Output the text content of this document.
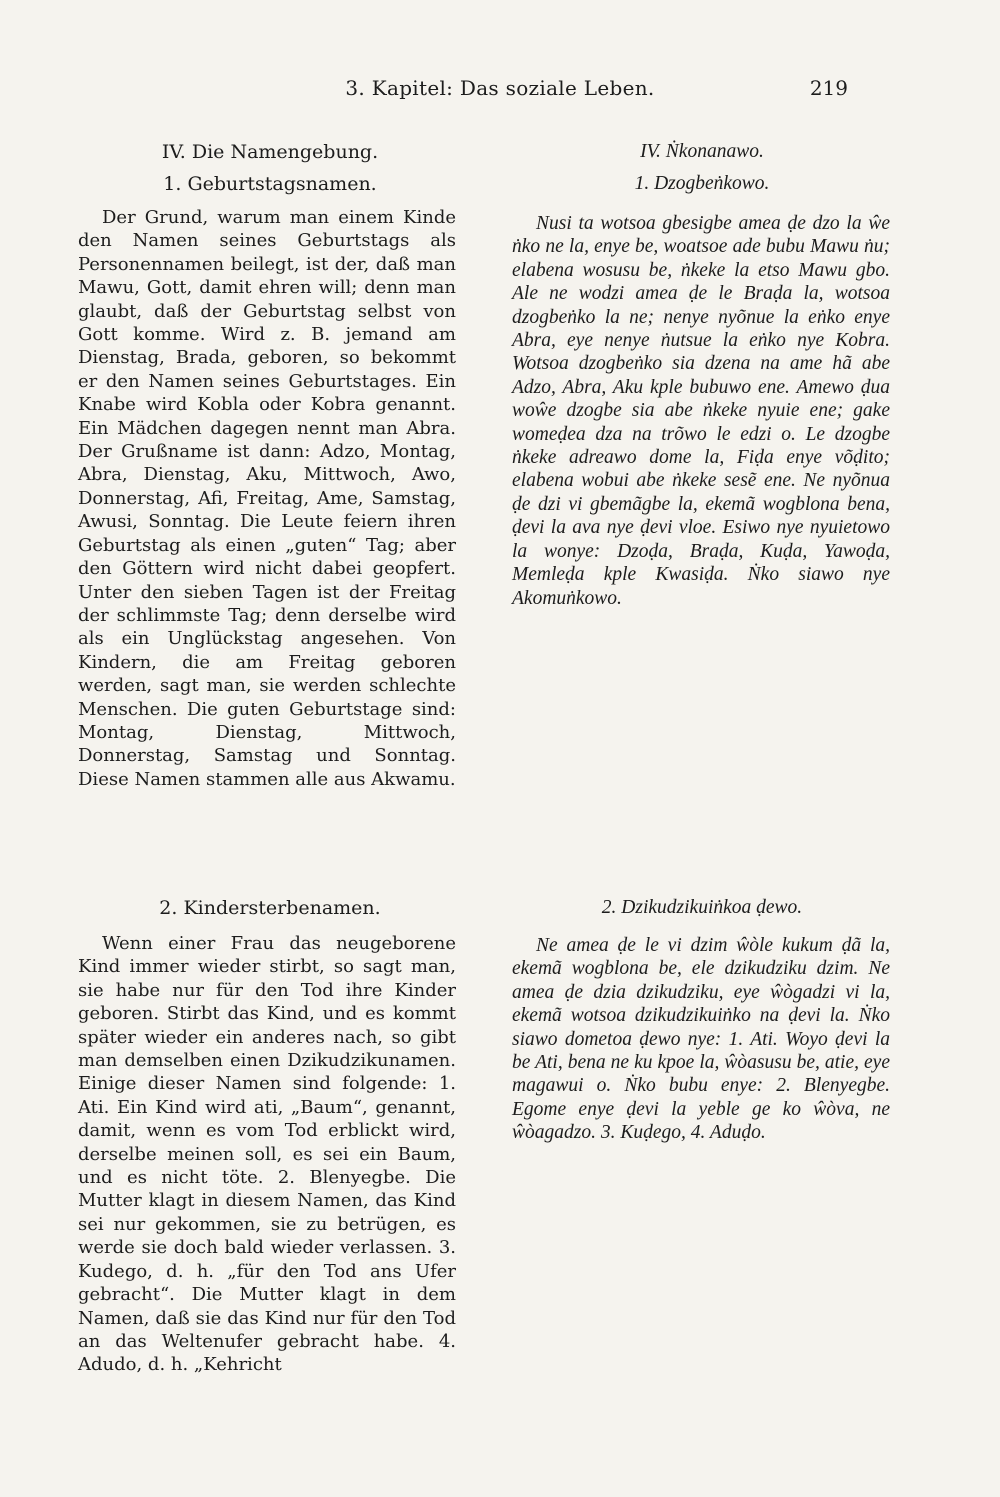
3. Kapitel: Das soziale Leben.	219
IV. Die Namengebung.
1. Geburtstagsnamen.

Der Grund, warum man einem Kinde den Namen seines Geburtstags als Personennamen beilegt, ist der, daß man Mawu, Gott, damit ehren will; denn man glaubt, daß der Geburtstag selbst von Gott komme. Wird z. B. jemand am Dienstag, Brada, geboren, so bekommt er den Namen seines Geburtstages. Ein Knabe wird Kobla oder Kobra genannt. Ein Mädchen dagegen nennt man Abra. Der Grußname ist dann: Adzo, Montag, Abra, Dienstag, Aku, Mittwoch, Awo, Donnerstag, Afi, Freitag, Ame, Samstag, Awusi, Sonntag. Die Leute feiern ihren Geburtstag als einen „guten“ Tag; aber den Göttern wird nicht dabei geopfert. Unter den sieben Tagen ist der Freitag der schlimmste Tag; denn derselbe wird als ein Unglückstag angesehen. Von Kindern, die am Freitag geboren werden, sagt man, sie werden schlechte Menschen. Die guten Geburtstage sind: Montag, Dienstag, Mittwoch, Donnerstag, Samstag und Sonntag. Diese Namen stammen alle aus Akwamu.

2. Kindersterbenamen.

Wenn einer Frau das neugeborene Kind immer wieder stirbt, so sagt man, sie habe nur für den Tod ihre Kinder geboren. Stirbt das Kind, und es kommt später wieder ein anderes nach, so gibt man demselben einen Dzikudzikunamen. Einige dieser Namen sind folgende: 1. Ati. Ein Kind wird ati, „Baum“, genannt, damit, wenn es vom Tod erblickt wird, derselbe meinen soll, es sei ein Baum, und es nicht töte. 2. Blenyegbe. Die Mutter klagt in diesem Namen, das Kind sei nur gekommen, sie zu betrügen, es werde sie doch bald wieder verlassen. 3. Kudego, d. h. „für den Tod ans Ufer gebracht“. Die Mutter klagt in dem Namen, daß sie das Kind nur für den Tod an das Weltenufer gebracht habe. 4. Adudo, d. h. „Kehricht

IV. Ṅkonanawo.
1. Dzogbeṅkowo.

Nusi ta wotsoa gbesigbe amea ḍe dzo la ŵe ṅko ne la, enye be, woatsoe ade bubu Mawu ṅu; elabena wosusu be, ṅkeke la etso Mawu gbo. Ale ne wodzi amea ḍe le Braḍa la, wotsoa dzogbeṅko la ne; nenye nyõnue la eṅko enye Abra, eye nenye ṅutsue la eṅko nye Kobra. Wotsoa dzogbeṅko sia dzena na ame hã abe Adzo, Abra, Aku kple bubuwo ene. Amewo ḍua woŵe dzogbe sia abe ṅkeke nyuie ene; gake womeḍea dza na trõwo le edzi o. Le dzogbe ṅkeke adreawo dome la, Fiḍa enye võḍito; elabena wobui abe ṅkeke sesẽ ene. Ne nyõnua ḍe dzi vi gbemãgbe la, ekemã wogblona bena, ḍevi la ava nye ḍevi vloe. Esiwo nye nyuietowo la wonye: Dzoḍa, Braḍa, Kuḍa, Yawoḍa, Memleḍa kple Kwasiḍa. Ṅko siawo nye Akomuṅkowo.

2. Dzikudzikuiṅkoa ḍewo.

Ne amea ḍe le vi dzim ŵòle kukum ḍã la, ekemã wogblona be, ele dzikudziku dzim. Ne amea ḍe dzia dzikudziku, eye ŵògadzi vi la, ekemã wotsoa dzikudzikuiṅko na ḍevi la. Ṅko siawo dometoa ḍewo nye: 1. Ati. Woyo ḍevi la be Ati, bena ne ku kpoe la, ŵòasusu be, atie, eye magawui o. Ṅko bubu enye: 2. Blenyegbe. Egome enye ḍevi la yeble ge ko ŵòva, ne ŵòagadzo. 3. Kuḍego, 4. Aduḍo.
